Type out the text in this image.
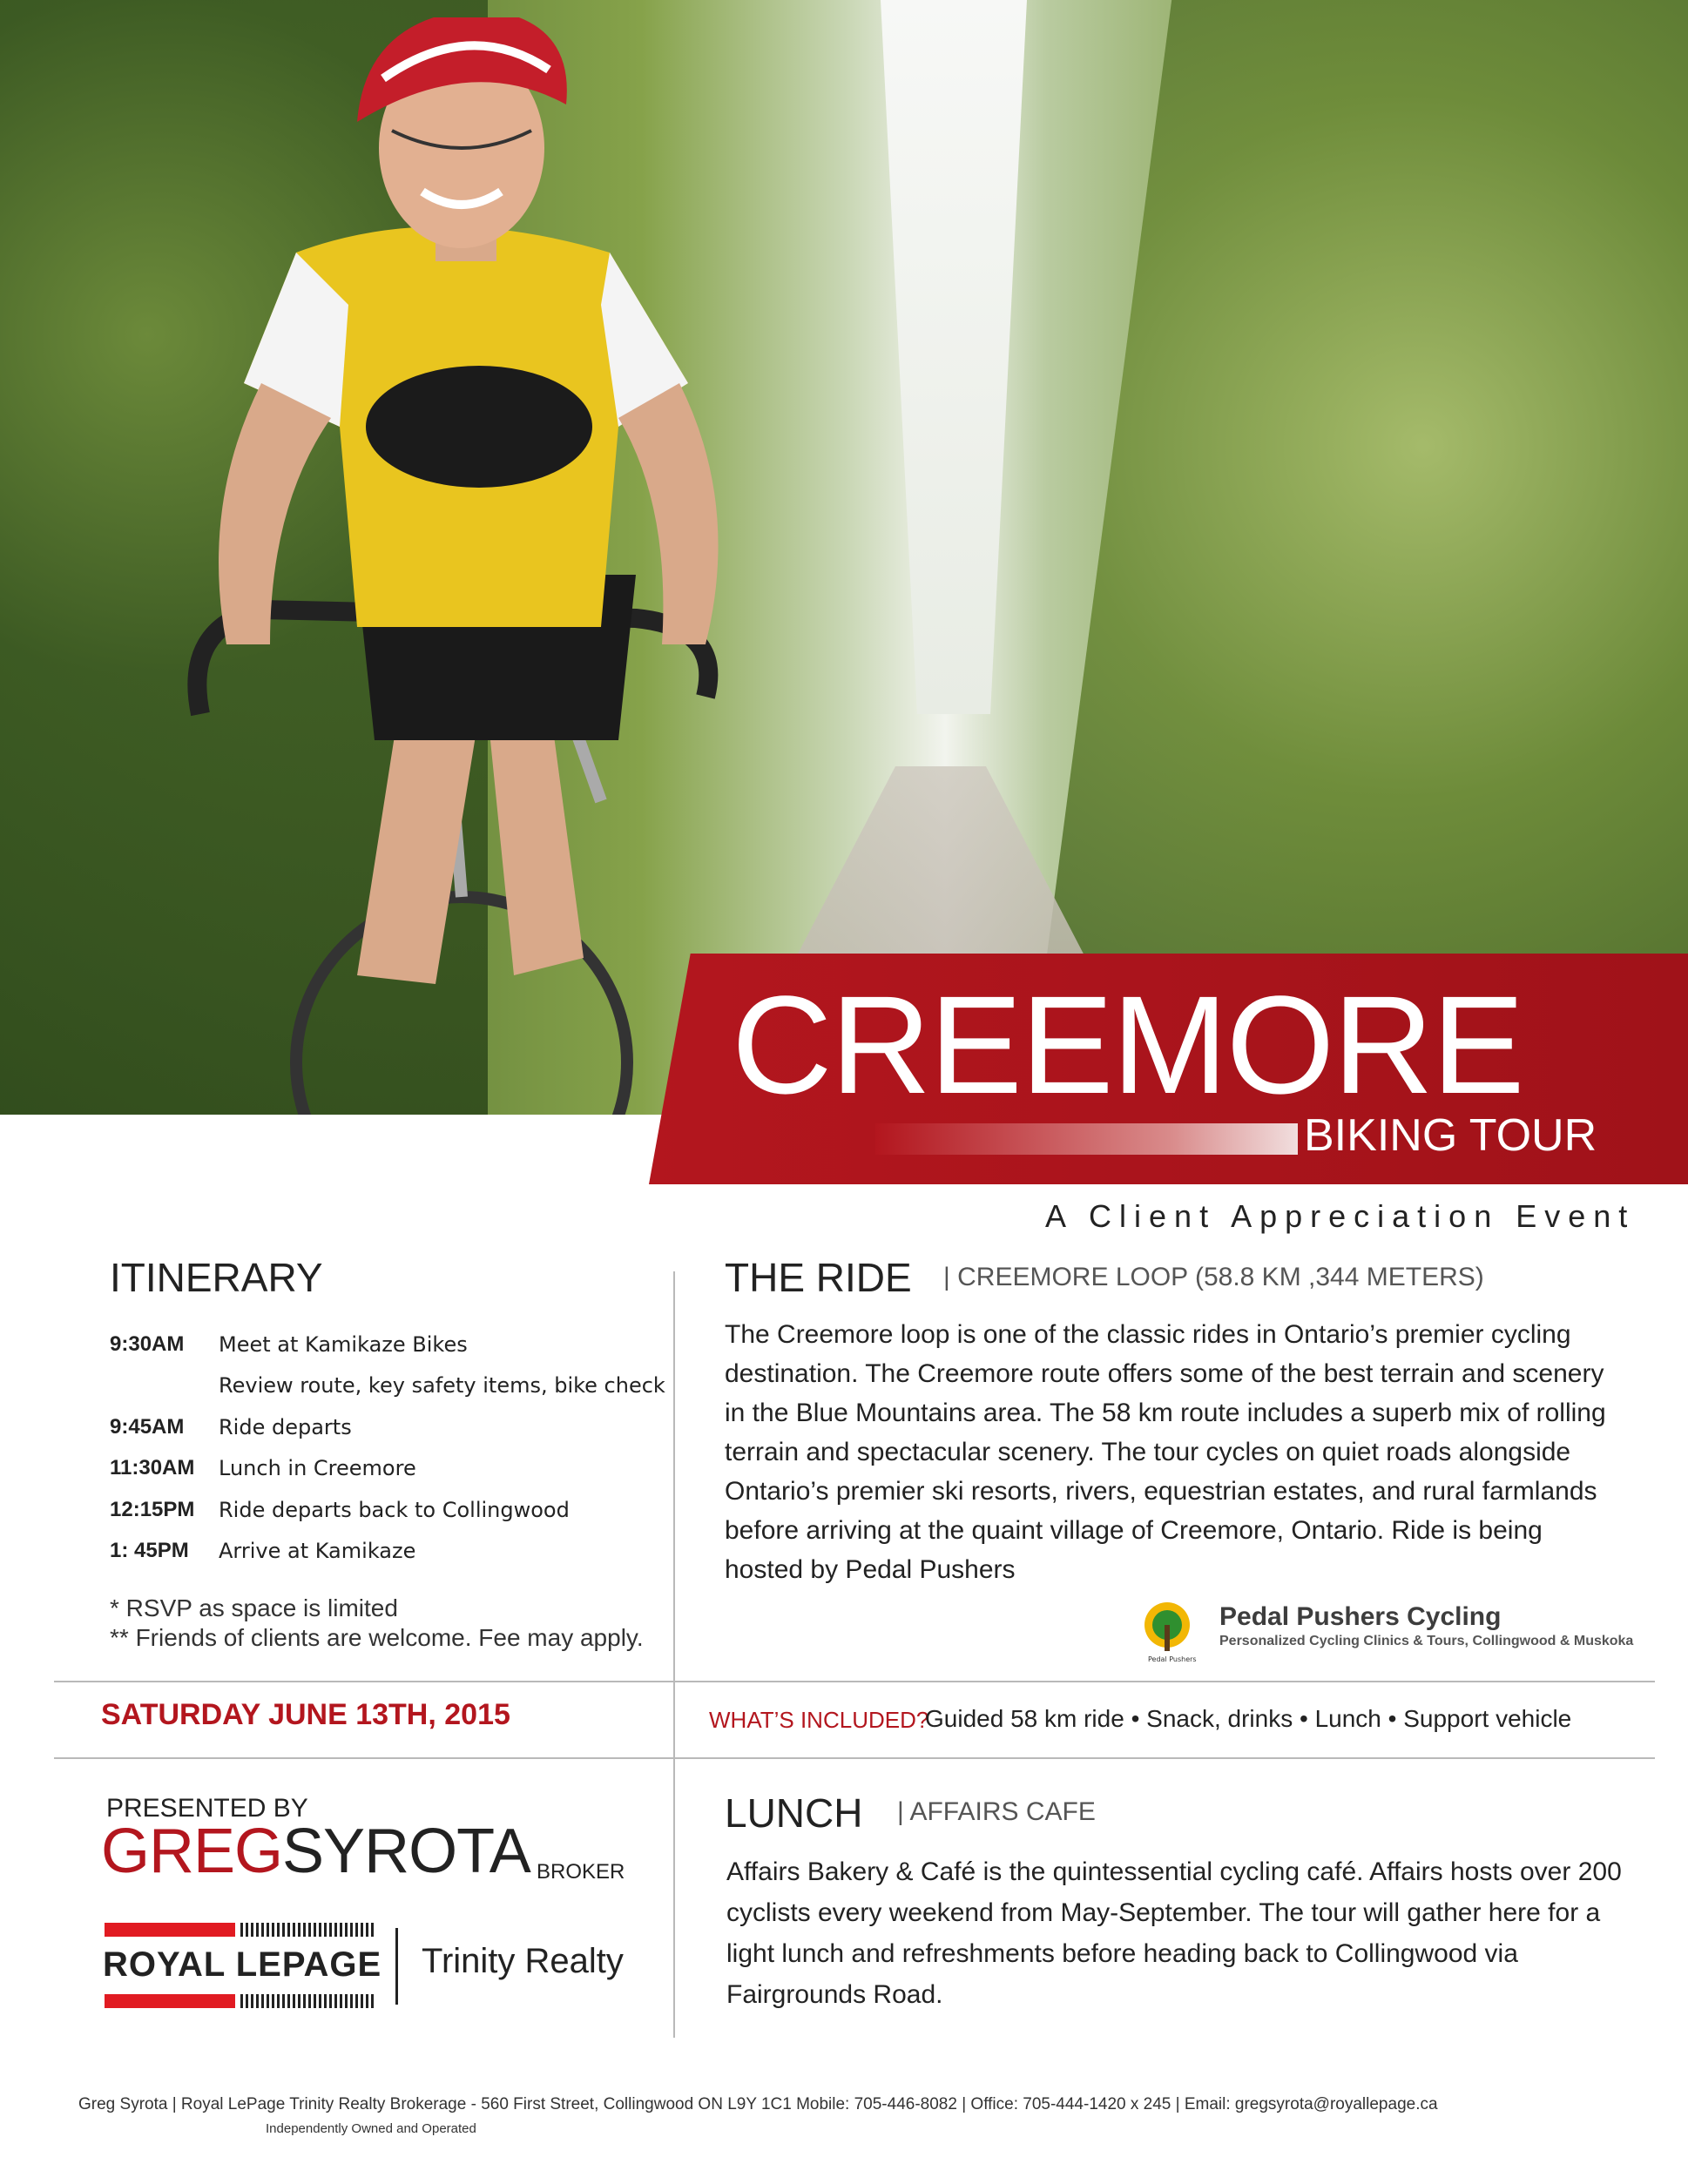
CREEMORE
BIKING TOUR
A Client Appreciation Event
ITINERARY
9:30AM	Meet at Kamikaze Bikes
Review route, key safety items, bike check
9:45AM	Ride departs
11:30AM	Lunch in Creemore
12:15PM	Ride departs back to Collingwood
1: 45PM	Arrive at Kamikaze
* RSVP as space is limited
** Friends of clients are welcome. Fee may apply.
THE RIDE | CREEMORE LOOP (58.8 KM ,344 METERS)
The Creemore loop is one of the classic rides in Ontario’s premier cycling destination. The Creemore route offers some of the best terrain and scenery in the Blue Mountains area. The 58 km route includes a superb mix of rolling terrain and spectacular scenery. The tour cycles on quiet roads alongside Ontario’s premier ski resorts, rivers, equestrian estates, and rural farmlands before arriving at the quaint village of Creemore, Ontario. Ride is being hosted by Pedal Pushers
Pedal Pushers
Pedal Pushers Cycling
Personalized Cycling Clinics & Tours, Collingwood & Muskoka
SATURDAY JUNE 13TH, 2015	WHAT’S INCLUDED?
Guided 58 km ride • Snack, drinks • Lunch • Support vehicle
PRESENTED BY
GREGSYROTA BROKER
ROYAL LEPAGE Trinity Realty
LUNCH | AFFAIRS CAFE
Affairs Bakery & Café is the quintessential cycling café. Affairs hosts over 200 cyclists every weekend from May-September. The tour will gather here for a light lunch and refreshments before heading back to Collingwood via Fairgrounds Road.
Greg Syrota | Royal LePage Trinity Realty Brokerage - 560 First Street, Collingwood ON L9Y 1C1 Mobile: 705-446-8082 | Office: 705-444-1420 x 245 | Email: gregsyrota@royallepage.ca
Independently Owned and Operated
